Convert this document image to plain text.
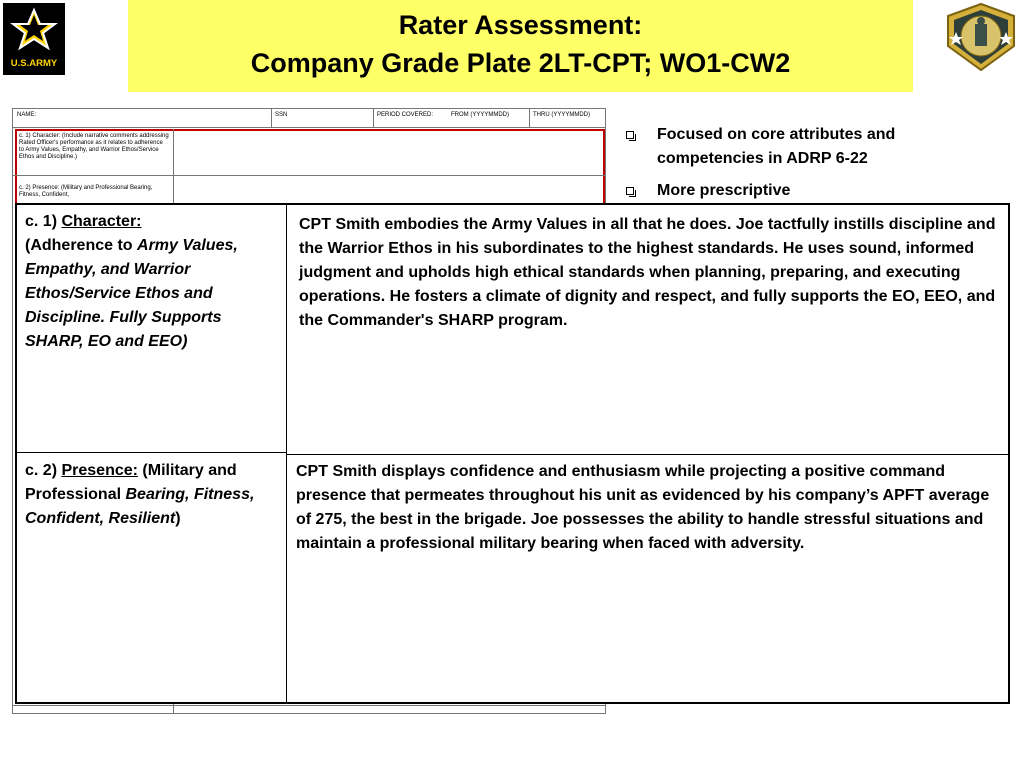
U.S.ARMY
Rater Assessment:
Company Grade Plate 2LT-CPT; WO1-CW2
NAME:	SSN	PERIOD COVERED:	FROM (YYYYMMDD)	THRU (YYYYMMDD)
c. 1) Character: (Include narrative comments addressing Rated Officer's performance as it relates to adherence to Army Values, Empathy, and Warrior Ethos/Service Ethos and Discipline.)
c. 2) Presence: (Military and Professional Bearing, Fitness, Confident,
Focused on core attributes and competencies in ADRP 6-22
More prescriptive
c. 1) Character:
(Adherence to Army Values, Empathy, and Warrior Ethos/Service Ethos and Discipline. Fully Supports SHARP, EO and EEO)
CPT Smith embodies the Army Values in all that he does. Joe tactfully instills discipline and the Warrior Ethos in his subordinates to the highest standards. He uses sound, informed judgment and upholds high ethical standards when planning, preparing, and executing operations. He fosters a climate of dignity and respect, and fully supports the EO, EEO, and the Commander's SHARP program.
c. 2) Presence: (Military and Professional Bearing, Fitness, Confident, Resilient)
CPT Smith displays confidence and enthusiasm while projecting a positive command presence that permeates throughout his unit as evidenced by his company’s APFT average of 275, the best in the brigade. Joe possesses the ability to handle stressful situations and maintain a professional military bearing when faced with adversity.
